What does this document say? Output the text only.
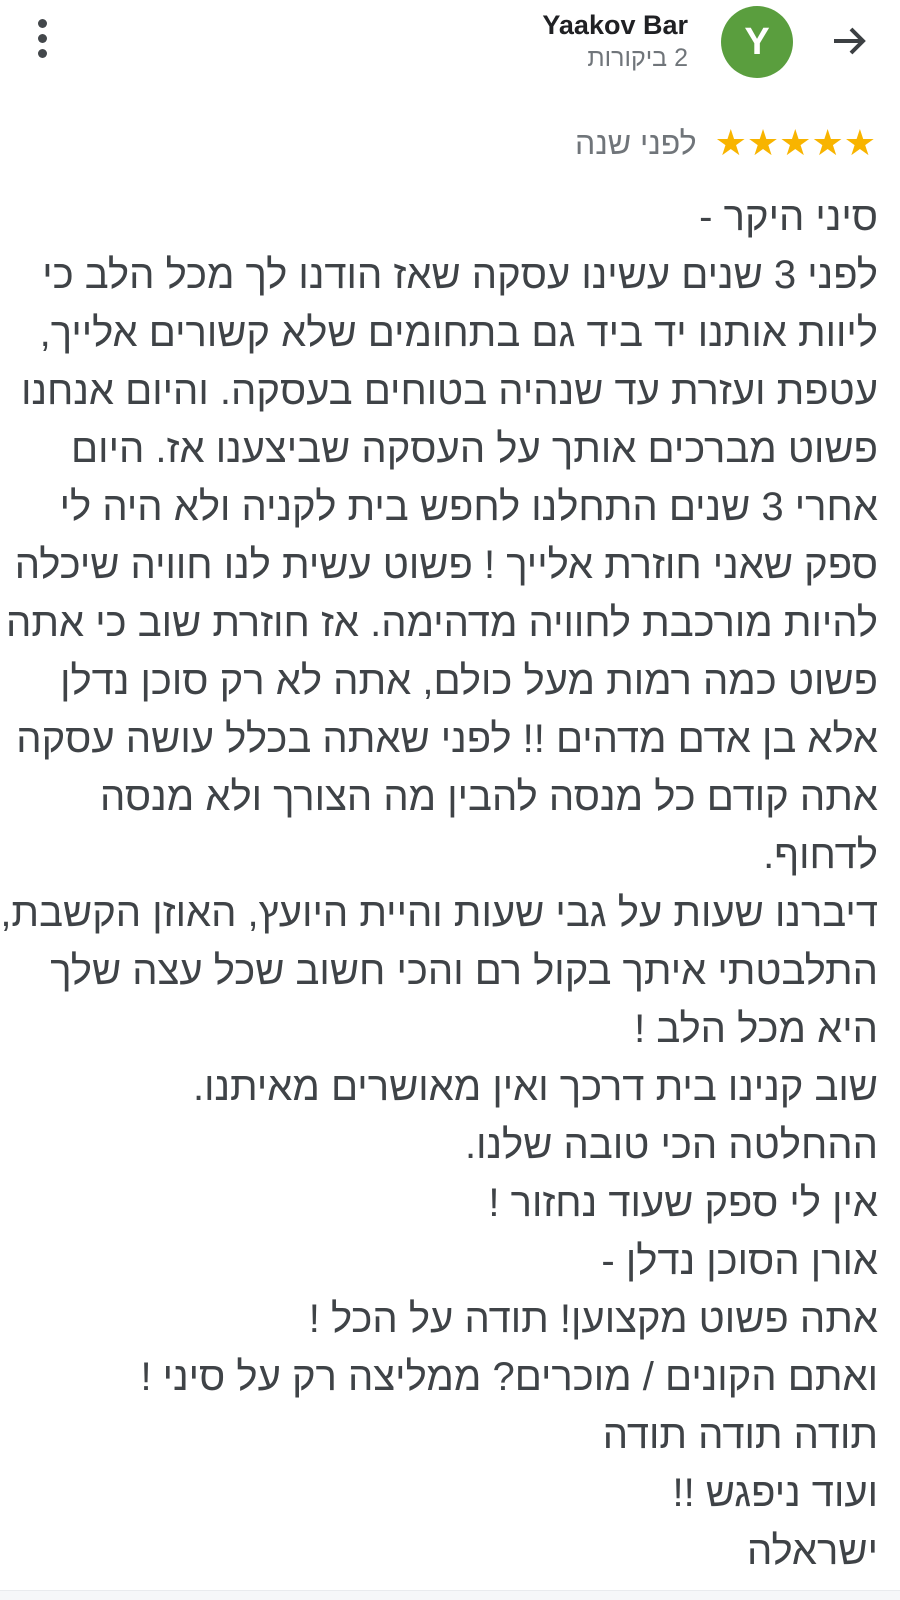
Yaakov Bar
2 ביקורות Y
לפני שנה ★★★★★
סיני היקר -
לפני 3 שנים עשינו עסקה שאז הודנו לך מכל הלב כי
ליוות אותנו יד ביד גם בתחומים שלא קשורים אלייך,
עטפת ועזרת עד שנהיה בטוחים בעסקה. והיום אנחנו
פשוט מברכים אותך על העסקה שביצענו אז. היום
אחרי 3 שנים התחלנו לחפש בית לקניה ולא היה לי
ספק שאני חוזרת אלייך ! פשוט עשית לנו חוויה שיכלה
להיות מורכבת לחוויה מדהימה. אז חוזרת שוב כי אתה
פשוט כמה רמות מעל כולם, אתה לא רק סוכן נדלן
אלא בן אדם מדהים !! לפני שאתה בכלל עושה עסקה
אתה קודם כל מנסה להבין מה הצורך ולא מנסה
לדחוף.
דיברנו שעות על גבי שעות והיית היועץ, האוזן הקשבת,
התלבטתי איתך בקול רם והכי חשוב שכל עצה שלך
היא מכל הלב !
שוב קנינו בית דרכך ואין מאושרים מאיתנו.
ההחלטה הכי טובה שלנו.
אין לי ספק שעוד נחזור !
אורן הסוכן נדלן -
אתה פשוט מקצוען! תודה על הכל !
ואתם הקונים / מוכרים? ממליצה רק על סיני !
תודה תודה תודה
ועוד ניפגש !!
ישראלה
